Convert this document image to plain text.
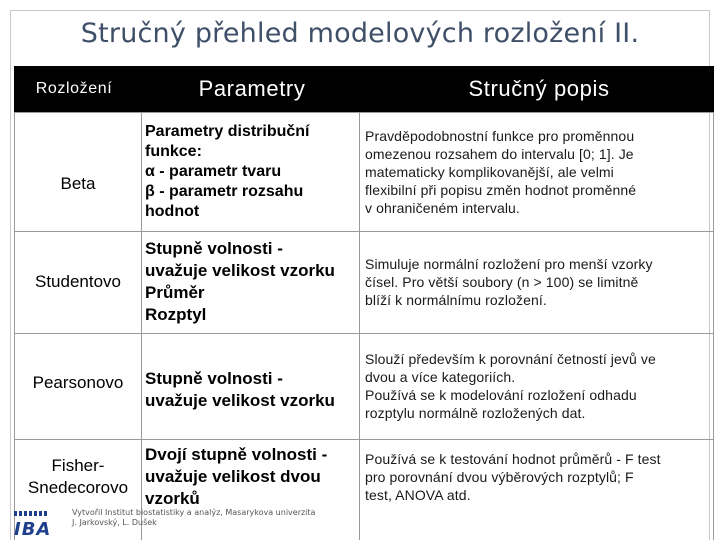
Stručný přehled modelových rozložení II.
Rozložení	Parametry	Stručný popis
Beta
Parametry distribuční
funkce:
α - parametr tvaru
β - parametr rozsahu
hodnot
Pravděpodobnostní funkce pro proměnnou
omezenou rozsahem do intervalu [0; 1]. Je
matematicky komplikovanější, ale velmi
flexibilní při popisu změn hodnot proměnné
v ohraničeném intervalu.
Studentovo
Stupně volnosti -
uvažuje velikost vzorku
Průměr
Rozptyl
Simuluje normální rozložení pro menší vzorky
čísel. Pro větší soubory (n > 100) se limitně
blíží k normálnímu rozložení.
Pearsonovo Stupně volnosti -
uvažuje velikost vzorku
Slouží především k porovnání četností jevů ve
dvou a více kategoriích.
Používá se k modelování rozložení odhadu
rozptylu normálně rozložených dat.
Fisher-
Snedecorovo
Dvojí stupně volnosti -
uvažuje velikost dvou
vzorků
Používá se k testování hodnot průměrů - F test
pro porovnání dvou výběrových rozptylů; F
test, ANOVA atd.
IBA
Vytvořil Institut biostatistiky a analýz, Masarykova univerzita
J. Jarkovský, L. Dušek
